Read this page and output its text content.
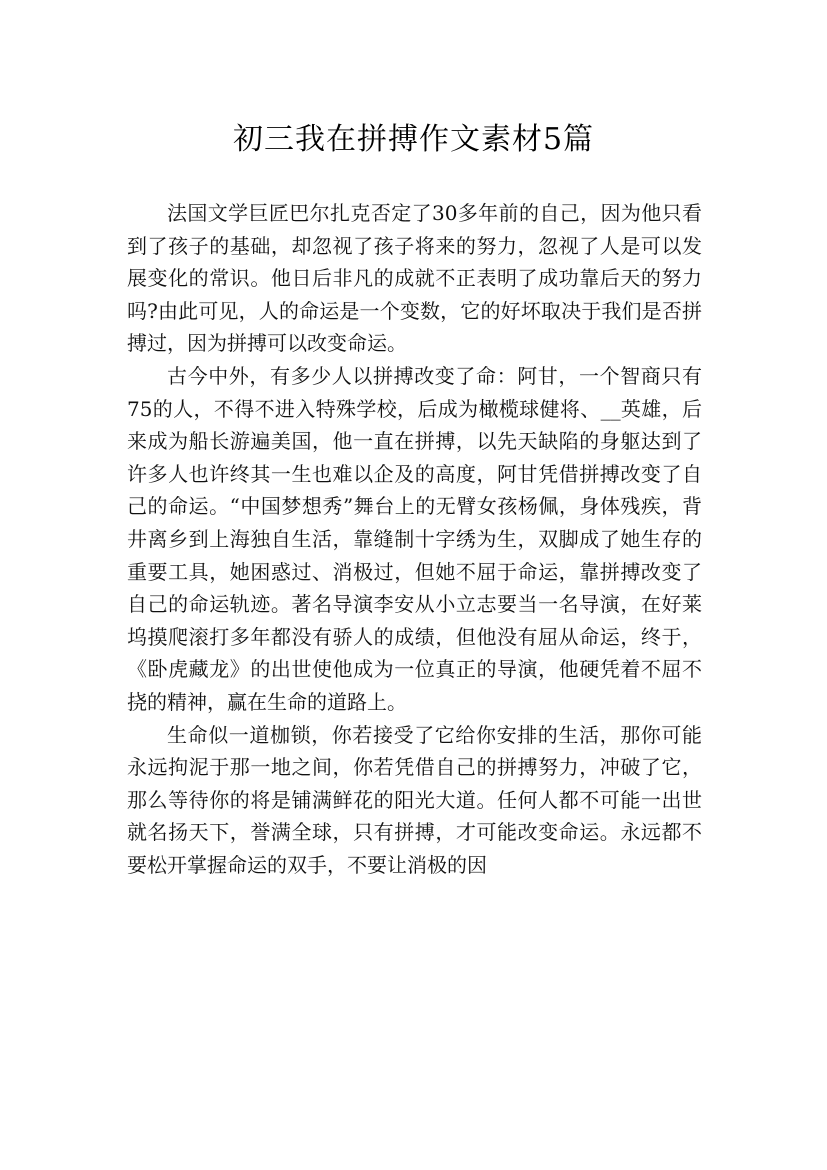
初三我在拼搏作文素材5篇

法国文学巨匠巴尔扎克否定了30多年前的自己，因为他只看到了孩子的基础，却忽视了孩子将来的努力，忽视了人是可以发展变化的常识。他日后非凡的成就不正表明了成功靠后天的努力吗?由此可见，人的命运是一个变数，它的好坏取决于我们是否拼搏过，因为拼搏可以改变命运。

古今中外，有多少人以拼搏改变了命：阿甘，一个智商只有75的人，不得不进入特殊学校，后成为橄榄球健将、__英雄，后来成为船长游遍美国，他一直在拼搏，以先天缺陷的身躯达到了许多人也许终其一生也难以企及的高度，阿甘凭借拼搏改变了自己的命运。“中国梦想秀”舞台上的无臂女孩杨佩，身体残疾，背井离乡到上海独自生活，靠缝制十字绣为生，双脚成了她生存的重要工具，她困惑过、消极过，但她不屈于命运，靠拼搏改变了自己的命运轨迹。著名导演李安从小立志要当一名导演，在好莱坞摸爬滚打多年都没有骄人的成绩，但他没有屈从命运，终于，《卧虎藏龙》的出世使他成为一位真正的导演，他硬凭着不屈不挠的精神，赢在生命的道路上。

生命似一道枷锁，你若接受了它给你安排的生活，那你可能永远拘泥于那一地之间，你若凭借自己的拼搏努力，冲破了它，那么等待你的将是铺满鲜花的阳光大道。任何人都不可能一出世就名扬天下，誉满全球，只有拼搏，才可能改变命运。永远都不要松开掌握命运的双手，不要让消极的因
